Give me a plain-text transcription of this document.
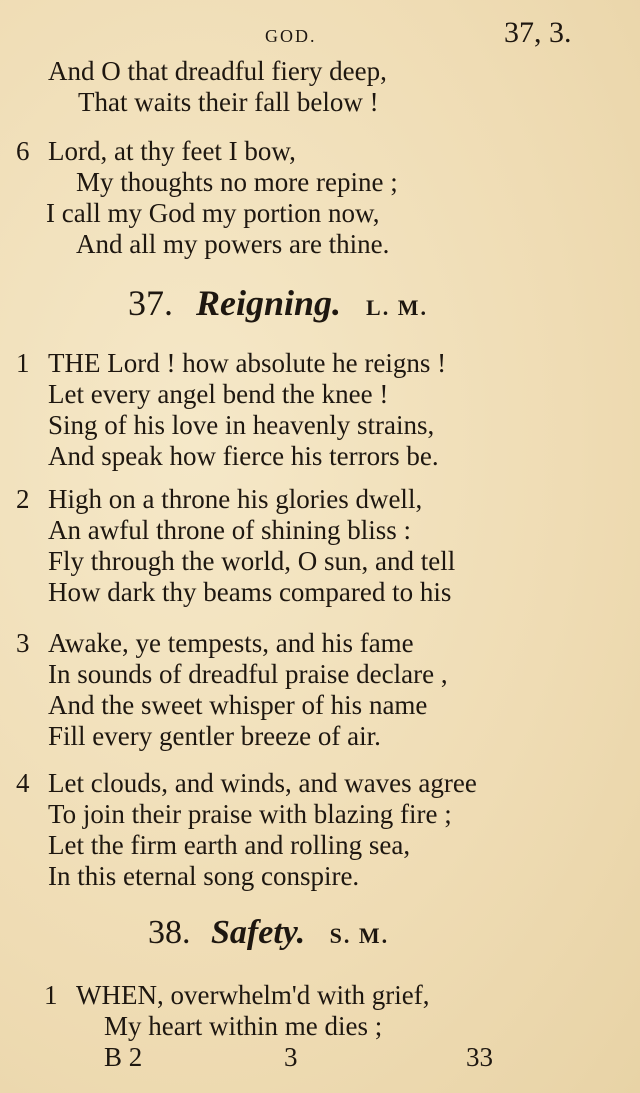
GOD.	37, 3.
And O that dreadful fiery deep,
That waits their fall below !
6 Lord, at thy feet I bow,
My thoughts no more repine ;
I call my God my portion now,
And all my powers are thine.
37. Reigning. L. M.
1 THE Lord ! how absolute he reigns !
Let every angel bend the knee !
Sing of his love in heavenly strains,
And speak how fierce his terrors be.
2 High on a throne his glories dwell,
An awful throne of shining bliss :
Fly through the world, O sun, and tell
How dark thy beams compared to his
3 Awake, ye tempests, and his fame
In sounds of dreadful praise declare ,
And the sweet whisper of his name
Fill every gentler breeze of air.
4 Let clouds, and winds, and waves agree
To join their praise with blazing fire ;
Let the firm earth and rolling sea,
In this eternal song conspire.
38. Safety. S. M.
1 WHEN, overwhelm'd with grief,
My heart within me dies ;
B 2	3	33
